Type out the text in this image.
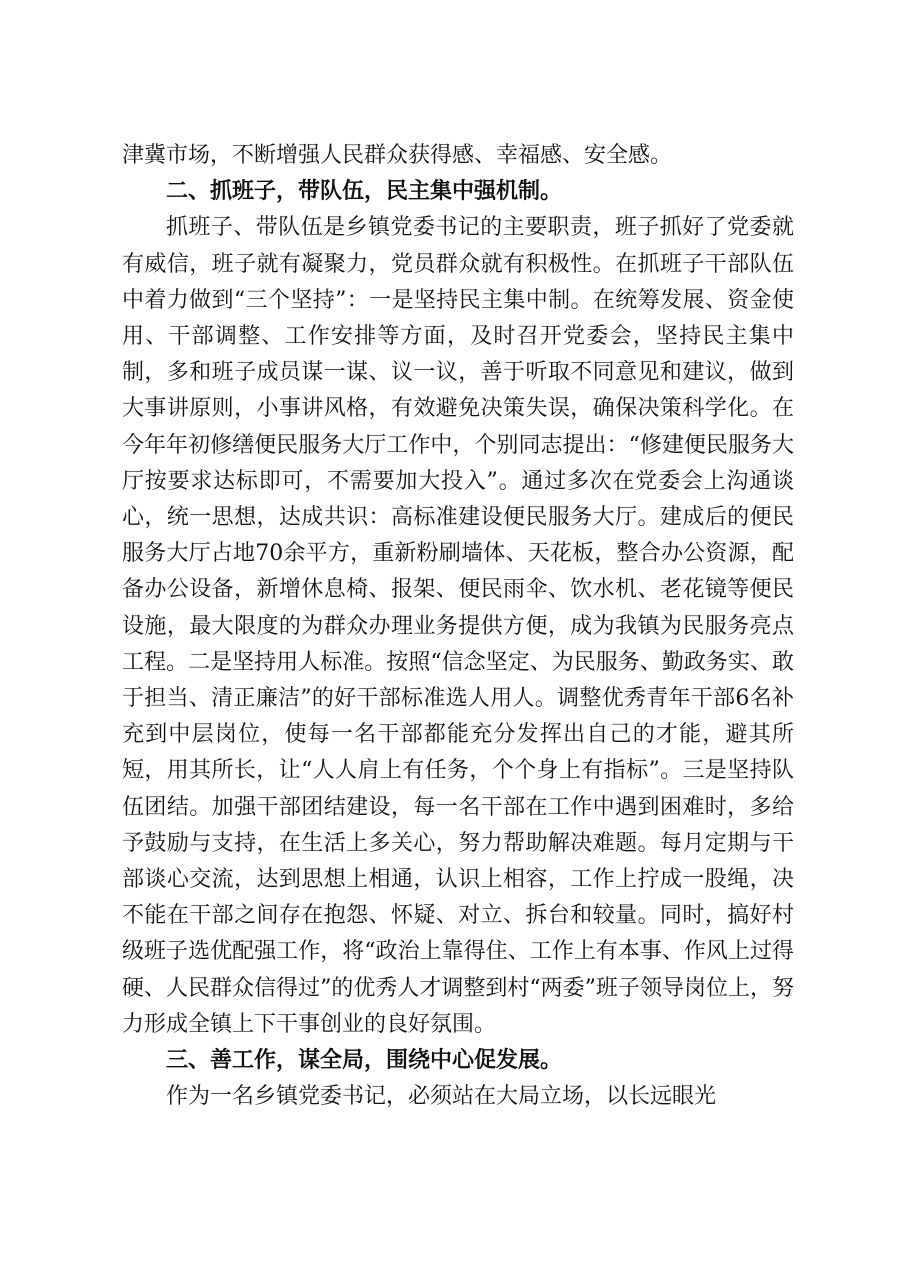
津冀市场，不断增强人民群众获得感、幸福感、安全感。

二、抓班子，带队伍，民主集中强机制。

抓班子、带队伍是乡镇党委书记的主要职责，班子抓好了党委就有威信，班子就有凝聚力，党员群众就有积极性。在抓班子干部队伍中着力做到“三个坚持”：一是坚持民主集中制。在统筹发展、资金使用、干部调整、工作安排等方面，及时召开党委会，坚持民主集中制，多和班子成员谋一谋、议一议，善于听取不同意见和建议，做到大事讲原则，小事讲风格，有效避免决策失误，确保决策科学化。在今年年初修缮便民服务大厅工作中，个别同志提出：“修建便民服务大厅按要求达标即可，不需要加大投入”。通过多次在党委会上沟通谈心，统一思想，达成共识：高标准建设便民服务大厅。建成后的便民服务大厅占地70余平方，重新粉刷墙体、天花板，整合办公资源，配备办公设备，新增休息椅、报架、便民雨伞、饮水机、老花镜等便民设施，最大限度的为群众办理业务提供方便，成为我镇为民服务亮点工程。二是坚持用人标准。按照“信念坚定、为民服务、勤政务实、敢于担当、清正廉洁”的好干部标准选人用人。调整优秀青年干部6名补充到中层岗位，使每一名干部都能充分发挥出自己的才能，避其所短，用其所长，让“人人肩上有任务，个个身上有指标”。三是坚持队伍团结。加强干部团结建设，每一名干部在工作中遇到困难时，多给予鼓励与支持，在生活上多关心，努力帮助解决难题。每月定期与干部谈心交流，达到思想上相通，认识上相容，工作上拧成一股绳，决不能在干部之间存在抱怨、怀疑、对立、拆台和较量。同时，搞好村级班子选优配强工作，将“政治上靠得住、工作上有本事、作风上过得硬、人民群众信得过”的优秀人才调整到村“两委”班子领导岗位上，努力形成全镇上下干事创业的良好氛围。

三、善工作，谋全局，围绕中心促发展。

作为一名乡镇党委书记，必须站在大局立场，以长远眼光
